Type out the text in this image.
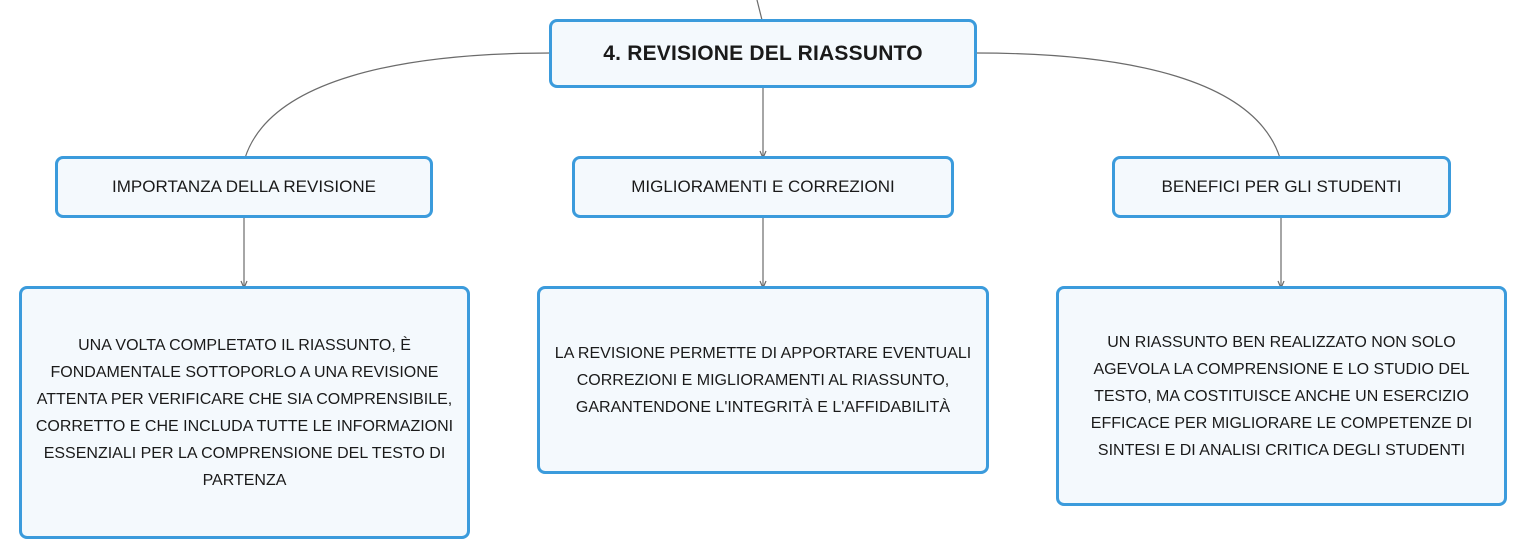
4. REVISIONE DEL RIASSUNTO
IMPORTANZA DELLA REVISIONE	MIGLIORAMENTI E CORREZIONI	BENEFICI PER GLI STUDENTI
UNA VOLTA COMPLETATO IL RIASSUNTO, È FONDAMENTALE SOTTOPORLO A UNA REVISIONE ATTENTA PER VERIFICARE CHE SIA COMPRENSIBILE, CORRETTO E CHE INCLUDA TUTTE LE INFORMAZIONI ESSENZIALI PER LA COMPRENSIONE DEL TESTO DI PARTENZA
LA REVISIONE PERMETTE DI APPORTARE EVENTUALI CORREZIONI E MIGLIORAMENTI AL RIASSUNTO, GARANTENDONE L'INTEGRITÀ E L'AFFIDABILITÀ
UN RIASSUNTO BEN REALIZZATO NON SOLO AGEVOLA LA COMPRENSIONE E LO STUDIO DEL TESTO, MA COSTITUISCE ANCHE UN ESERCIZIO EFFICACE PER MIGLIORARE LE COMPETENZE DI SINTESI E DI ANALISI CRITICA DEGLI STUDENTI
